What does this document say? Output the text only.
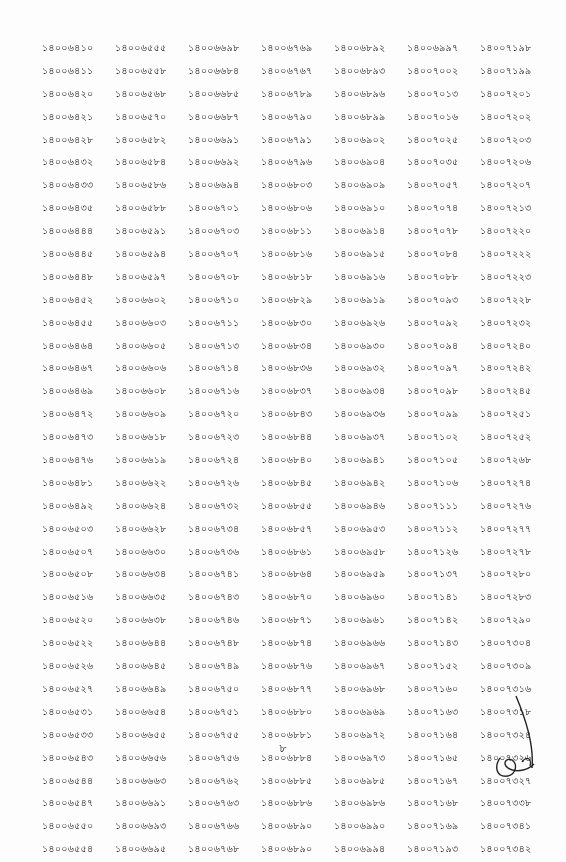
১৪০০৬৪১০	১৪০০৬৫৫৫	১৪০০৬৬৯৮	১৪০০৬৭৬৯	১৪০০৬৮৯২	১৪০০৬৯৯৭	১৪০০৭১৯৮
১৪০০৬৪১১	১৪০০৬৫৫৮	১৪০০৬৬৮৪	১৪০০৬৭৬৭	১৪০০৬৮৯৩	১৪০০৭০০২	১৪০০৭১৯৯
১৪০০৬৪২০	১৪০০৬৫৬৮	১৪০০৬৬৮৫	১৪০০৬৭৮৯	১৪০০৬৮৯৬	১৪০০৭০১৩	১৪০০৭২০১
১৪০০৬৪২১	১৪০০৬৫৭০	১৪০০৬৬৮৭	১৪০০৬৭৯০	১৪০০৬৮৯৯	১৪০০৭০১৬	১৪০০৭২০২
১৪০০৬৪২৮	১৪০০৬৫৮২	১৪০০৬৬৯১	১৪০০৬৭৯১	১৪০০৬৯০২	১৪০০৭০২৫	১৪০০৭২০৩
১৪০০৬৪৩২	১৪০০৬৫৮৪	১৪০০৬৬৯২	১৪০০৬৭৯৬	১৪০০৬৯০৪	১৪০০৭০৩৫	১৪০০৭২০৬
১৪০০৬৪৩৩	১৪০০৬৫৮৬	১৪০০৬৬৯৪	১৪০০৬৮০৩	১৪০০৬৯০৯	১৪০০৭০৫৭	১৪০০৭২০৭
১৪০০৬৪৩৫	১৪০০৬৫৮৮	১৪০০৬৭০১	১৪০০৬৮০৬	১৪০০৬৯১০	১৪০০৭০৭৪	১৪০০৭২১৩
১৪০০৬৪৪৪	১৪০০৬৫৯১	১৪০০৬৭০৩	১৪০০৬৮১১	১৪০০৬৯১৪	১৪০০৭০৭৮	১৪০০৭২২০
১৪০০৬৪৪৫	১৪০০৬৫৯৪	১৪০০৬৭০৭	১৪০০৬৮১৬	১৪০০৬৯১৫	১৪০০৭০৮৪	১৪০০৭২২২
১৪০০৬৪৪৮	১৪০০৬৫৯৭	১৪০০৬৭০৮	১৪০০৬৮১৮	১৪০০৬৯১৬	১৪০০৭০৮৮	১৪০০৭২২৩
১৪০০৬৪৫২	১৪০০৬৬০২	১৪০০৬৭১০	১৪০০৬৮২৯	১৪০০৬৯১৯	১৪০০৭০৯৩	১৪০০৭২২৮
১৪০০৬৪৫৫	১৪০০৬৬০৩	১৪০০৬৭১১	১৪০০৬৮৩০	১৪০০৬৯২৬	১৪০০৭০৯২	১৪০০৭২৩২
১৪০০৬৪৬৪	১৪০০৬৬০৫	১৪০০৬৭১৩	১৪০০৬৮৩৪	১৪০০৬৯৩০	১৪০০৭০৯৪	১৪০০৭২৪০
১৪০০৬৪৬৭	১৪০০৬৬০৬	১৪০০৬৭১৪	১৪০০৬৮৩৬	১৪০০৬৯৩২	১৪০০৭০৯৭	১৪০০৭২৪২
১৪০০৬৪৬৯	১৪০০৬৬০৮	১৪০০৬৭১৬	১৪০০৬৮৩৭	১৪০০৬৯৩৪	১৪০০৭০৯৮	১৪০০৭২৪৫
১৪০০৬৪৭২	১৪০০৬৬০৯	১৪০০৬৭২০	১৪০০৬৮৪৩	১৪০০৬৯৩৬	১৪০০৭০৯৯	১৪০০৭২৫১
১৪০০৬৪৭৩	১৪০০৬৬১৮	১৪০০৬৭২৩	১৪০০৬৮৪৪	১৪০০৬৯৩৭	১৪০০৭১০২	১৪০০৭২৫২
১৪০০৬৪৭৬	১৪০০৬৬১৯	১৪০০৬৭২৪	১৪০০৬৮৪০	১৪০০৬৯৪১	১৪০০৭১০৫	১৪০০৭২৬৮
১৪০০৬৪৮১	১৪০০৬৬২২	১৪০০৬৭২৬	১৪০০৬৮৪৫	১৪০০৬৯৪২	১৪০০৭১০৬	১৪০০৭২৭৪
১৪০০৬৪৯২	১৪০০৬৬২৪	১৪০০৬৭৩২	১৪০০৬৮৫৫	১৪০০৬৯৪৬	১৪০০৭১১১	১৪০০৭২৭৬
১৪০০৬৫০৩	১৪০০৬৬২৮	১৪০০৬৭৩৪	১৪০০৬৮৫৭	১৪০০৬৯৫৩	১৪০০৭১১২	১৪০০৭২৭৭
১৪০০৬৫০৭	১৪০০৬৬৩০	১৪০০৬৭৩৬	১৪০০৬৮৬১	১৪০০৬৯৫৮	১৪০০৭১২৬	১৪০০৭২৭৮
১৪০০৬৫০৮	১৪০০৬৬৩৪	১৪০০৬৭৪১	১৪০০৬৮৬৪	১৪০০৬৯৫৯	১৪০০৭১৩৭	১৪০০৭২৮০
১৪০০৬৫১৬	১৪০০৬৬৩৫	১৪০০৬৭৪৩	১৪০০৬৮৭০	১৪০০৬৯৬০	১৪০০৭১৪১	১৪০০৭২৮৩
১৪০০৬৫২০	১৪০০৬৬৩৮	১৪০০৬৭৪৬	১৪০০৬৮৭১	১৪০০৬৯৬১	১৪০০৭১৪২	১৪০০৭২৯০
১৪০০৬৫২২	১৪০০৬৬৪৪	১৪০০৬৭৪৮	১৪০০৬৮৭৪	১৪০০৬৯৬৬	১৪০০৭১৪৩	১৪০০৭৩০৪
১৪০০৬৫২৬	১৪০০৬৬৪৫	১৪০০৬৭৪৯	১৪০০৬৮৭৬	১৪০০৬৯৬৭	১৪০০৭১৫২	১৪০০৭৩০৯
১৪০০৬৫২৭	১৪০০৬৬৪৯	১৪০০৬৭৫০	১৪০০৬৮৭৭	১৪০০৬৯৬৮	১৪০০৭১৬০	১৪০০৭৩১৬
১৪০০৬৫৩১	১৪০০৬৬৫৪	১৪০০৬৭৫১	১৪০০৬৮৮০	১৪০০৬৯৬৯	১৪০০৭১৬৩	১৪০০৭৩১৮
১৪০০৬৫৩৩	১৪০০৬৬৫৫	১৪০০৬৭৫৫	১৪০০৬৮৮১	১৪০০৬৯৭২	১৪০০৭১৬৪	১৪০০৭৩২৪
১৪০০৬৫৪৩	১৪০০৬৬৫৬	১৪০০৬৭৫৬	১৪০০৬৮৮৪	১৪০০৬৯৭৩	১৪০০৭১৬৫	১৪০০৭৩২৬
১৪০০৬৫৪৪	১৪০০৬৬৬৩	১৪০০৬৭৬২	১৪০০৬৮৮৫	১৪০০৬৯৮৫	১৪০০৭১৬৭	১৪০০৭৩২৭
১৪০০৬৫৪৭	১৪০০৬৬৯১	১৪০০৬৭৬৩	১৪০০৬৮৮৬	১৪০০৬৯৮৬	১৪০০৭১৬৮	১৪০০৭৩৩৮
১৪০০৬৫৫০	১৪০০৬৬৯৩	১৪০০৬৭৬৬	১৪০০৬৮৯০	১৪০০৬৯৯০	১৪০০৭১৬৯	১৪০০৭৩৪১
১৪০০৬৫৫৪	১৪০০৬৬৯৫	১৪০০৬৭৬৮	১৪০০৬৮৯০	১৪০০৬৯৯৪	১৪০০৭১৯৩	১৪০০৭৩৪২
৮
